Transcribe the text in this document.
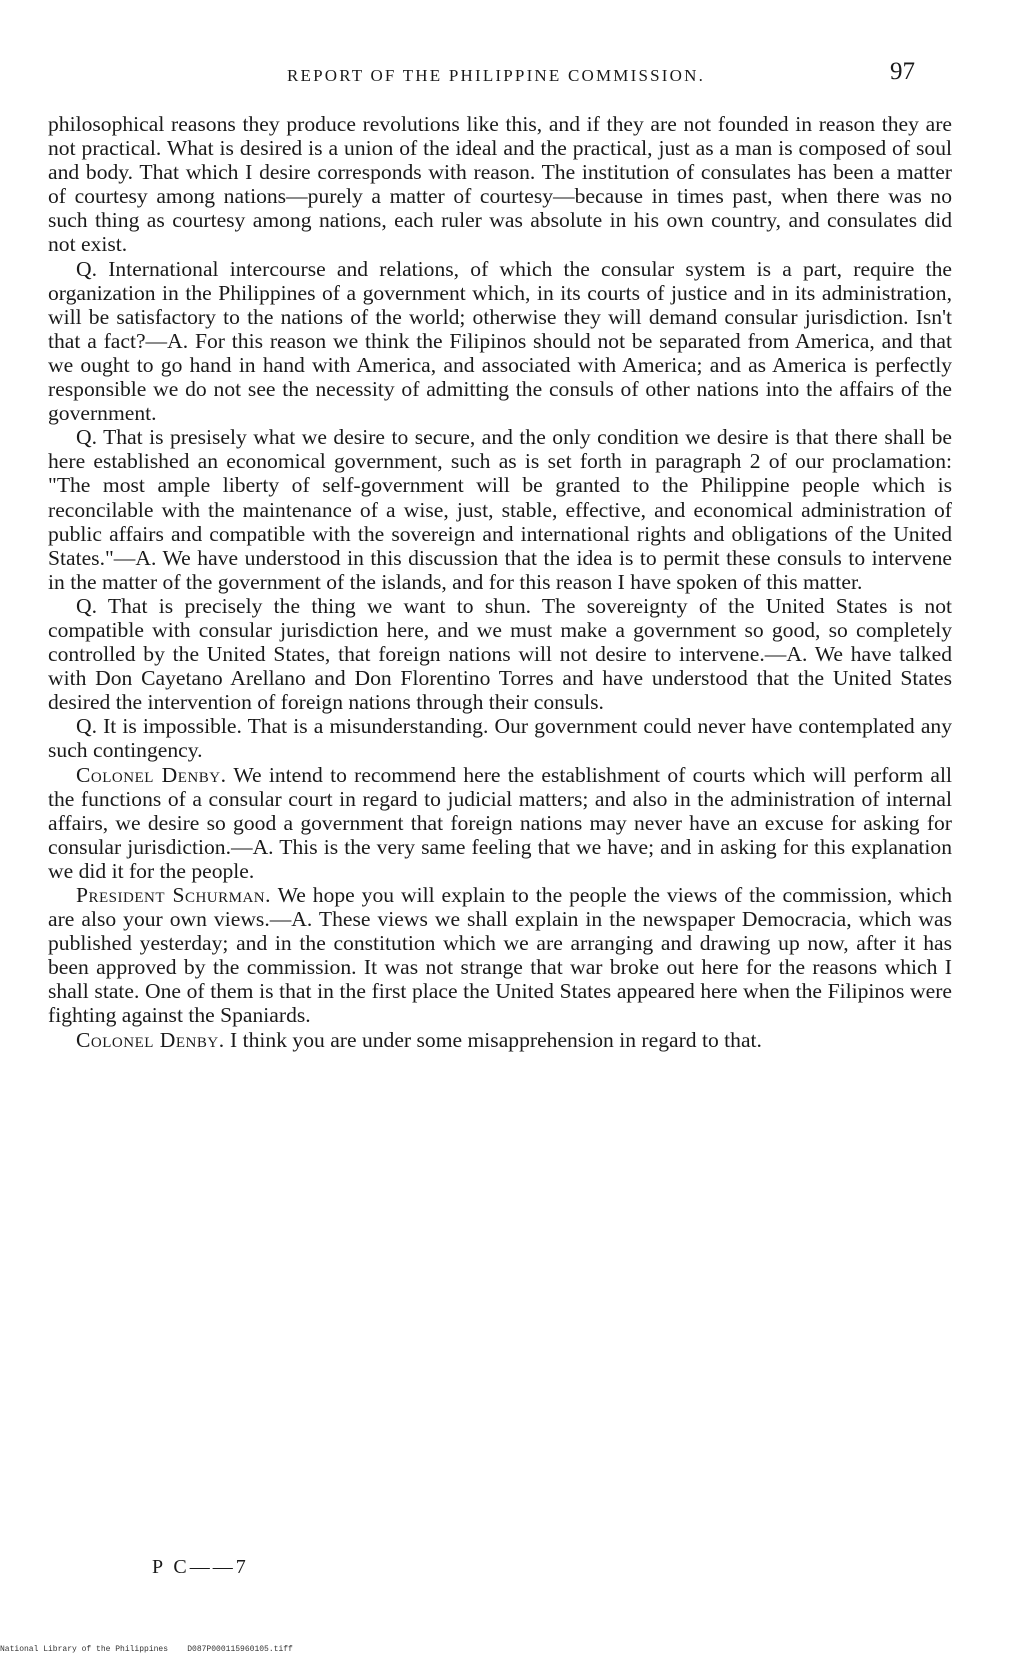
REPORT OF THE PHILIPPINE COMMISSION.	97

philosophical reasons they produce revolutions like this, and if they are not founded in reason they are not practical. What is desired is a union of the ideal and the practical, just as a man is composed of soul and body. That which I desire corresponds with reason. The institution of consulates has been a matter of courtesy among nations—purely a matter of courtesy—because in times past, when there was no such thing as courtesy among nations, each ruler was absolute in his own country, and consulates did not exist.

Q. International intercourse and relations, of which the consular system is a part, require the organization in the Philippines of a government which, in its courts of justice and in its administration, will be satisfactory to the nations of the world; otherwise they will demand consular jurisdiction. Isn't that a fact?—A. For this reason we think the Filipinos should not be separated from America, and that we ought to go hand in hand with America, and associated with America; and as America is perfectly responsible we do not see the necessity of admitting the consuls of other nations into the affairs of the government.

Q. That is presisely what we desire to secure, and the only condition we desire is that there shall be here established an economical government, such as is set forth in paragraph 2 of our proclamation: "The most ample liberty of self-government will be granted to the Philippine people which is reconcilable with the maintenance of a wise, just, stable, effective, and economical administration of public affairs and compatible with the sovereign and international rights and obligations of the United States."—A. We have understood in this discussion that the idea is to permit these consuls to intervene in the matter of the government of the islands, and for this reason I have spoken of this matter.

Q. That is precisely the thing we want to shun. The sovereignty of the United States is not compatible with consular jurisdiction here, and we must make a government so good, so completely controlled by the United States, that foreign nations will not desire to intervene.—A. We have talked with Don Cayetano Arellano and Don Florentino Torres and have understood that the United States desired the intervention of foreign nations through their consuls.

Q. It is impossible. That is a misunderstanding. Our government could never have contemplated any such contingency.

Colonel Denby. We intend to recommend here the establishment of courts which will perform all the functions of a consular court in regard to judicial matters; and also in the administration of internal affairs, we desire so good a government that foreign nations may never have an excuse for asking for consular jurisdiction.—A. This is the very same feeling that we have; and in asking for this explanation we did it for the people.

President Schurman. We hope you will explain to the people the views of the commission, which are also your own views.—A. These views we shall explain in the newspaper Democracia, which was published yesterday; and in the constitution which we are arranging and drawing up now, after it has been approved by the commission. It was not strange that war broke out here for the reasons which I shall state. One of them is that in the first place the United States appeared here when the Filipinos were fighting against the Spaniards.

Colonel Denby. I think you are under some misapprehension in regard to that.

P C——7
National Library of the Philippines    D087P000115960105.tiff
